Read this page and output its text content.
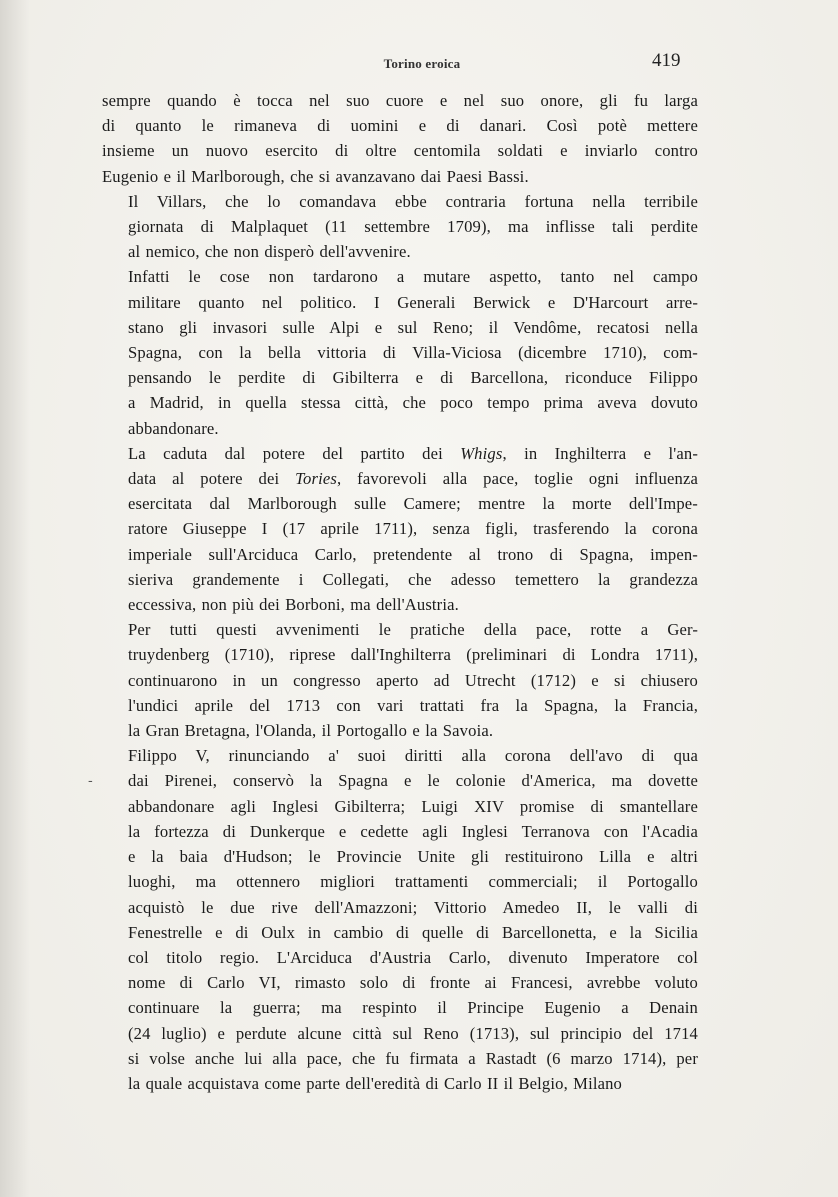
Torino eroica	419
-

sempre quando è tocca nel suo cuore e nel suo onore, gli fu larga
di quanto le rimaneva di uomini e di danari. Così potè mettere
insieme un nuovo esercito di oltre centomila soldati e inviarlo contro
Eugenio e il Marlborough, che si avanzavano dai Paesi Bassi.

Il Villars, che lo comandava ebbe contraria fortuna nella terribile
giornata di Malplaquet (11 settembre 1709), ma inflisse tali perdite
al nemico, che non disperò dell'avvenire.

Infatti le cose non tardarono a mutare aspetto, tanto nel campo
militare quanto nel politico. I Generali Berwick e D'Harcourt arre-
stano gli invasori sulle Alpi e sul Reno; il Vendôme, recatosi nella
Spagna, con la bella vittoria di Villa-Viciosa (dicembre 1710), com-
pensando le perdite di Gibilterra e di Barcellona, riconduce Filippo
a Madrid, in quella stessa città, che poco tempo prima aveva dovuto
abbandonare.

La caduta dal potere del partito dei Whigs, in Inghilterra e l'an-
data al potere dei Tories, favorevoli alla pace, toglie ogni influenza
esercitata dal Marlborough sulle Camere; mentre la morte dell'Impe-
ratore Giuseppe I (17 aprile 1711), senza figli, trasferendo la corona
imperiale sull'Arciduca Carlo, pretendente al trono di Spagna, impen-
sieriva grandemente i Collegati, che adesso temettero la grandezza
eccessiva, non più dei Borboni, ma dell'Austria.

Per tutti questi avvenimenti le pratiche della pace, rotte a Ger-
truydenberg (1710), riprese dall'Inghilterra (preliminari di Londra 1711),
continuarono in un congresso aperto ad Utrecht (1712) e si chiusero
l'undici aprile del 1713 con vari trattati fra la Spagna, la Francia,
la Gran Bretagna, l'Olanda, il Portogallo e la Savoia.

Filippo V, rinunciando a' suoi diritti alla corona dell'avo di qua
dai Pirenei, conservò la Spagna e le colonie d'America, ma dovette
abbandonare agli Inglesi Gibilterra; Luigi XIV promise di smantellare
la fortezza di Dunkerque e cedette agli Inglesi Terranova con l'Acadia
e la baia d'Hudson; le Provincie Unite gli restituirono Lilla e altri
luoghi, ma ottennero migliori trattamenti commerciali; il Portogallo
acquistò le due rive dell'Amazzoni; Vittorio Amedeo II, le valli di
Fenestrelle e di Oulx in cambio di quelle di Barcellonetta, e la Sicilia
col titolo regio. L'Arciduca d'Austria Carlo, divenuto Imperatore col
nome di Carlo VI, rimasto solo di fronte ai Francesi, avrebbe voluto
continuare la guerra; ma respinto il Principe Eugenio a Denain
(24 luglio) e perdute alcune città sul Reno (1713), sul principio del 1714
si volse anche lui alla pace, che fu firmata a Rastadt (6 marzo 1714), per
la quale acquistava come parte dell'eredità di Carlo II il Belgio, Milano
